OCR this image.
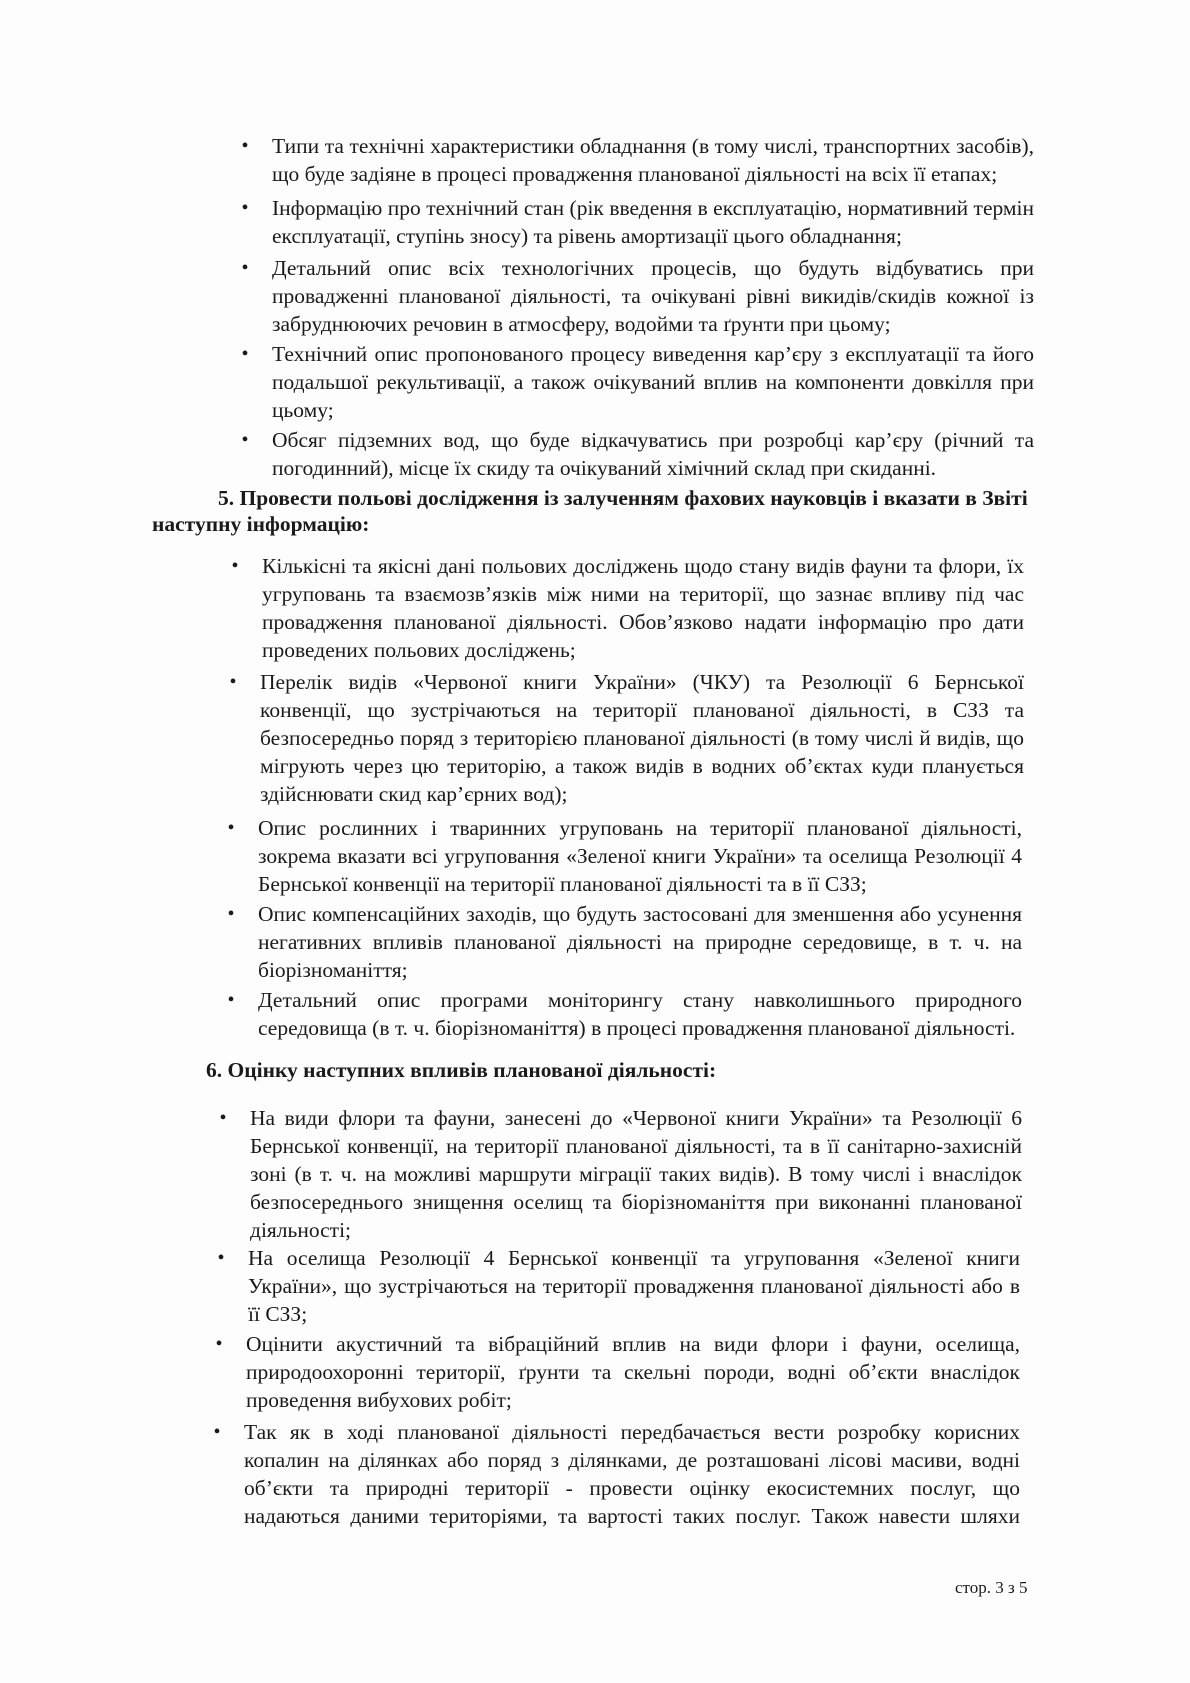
• Типи та технічні характеристики обладнання (в тому числі, транспортних засобів), що буде задіяне в процесі провадження планованої діяльності на всіх її етапах;
• Інформацію про технічний стан (рік введення в експлуатацію, нормативний термін експлуатації, ступінь зносу) та рівень амортизації цього обладнання;
• Детальний опис всіх технологічних процесів, що будуть відбуватись при провадженні планованої діяльності, та очікувані рівні викидів/скидів кожної із забруднюючих речовин в атмосферу, водойми та ґрунти при цьому;
• Технічний опис пропонованого процесу виведення кар’єру з експлуатації та його подальшої рекультивації, а також очікуваний вплив на компоненти довкілля при цьому;
• Обсяг підземних вод, що буде відкачуватись при розробці кар’єру (річний та погодинний), місце їх скиду та очікуваний хімічний склад при скиданні.
5. Провести польові дослідження із залученням фахових науковців і вказати в Звіті
наступну інформацію:
• Кількісні та якісні дані польових досліджень щодо стану видів фауни та флори, їх угруповань та взаємозв’язків між ними на території, що зазнає впливу під час провадження планованої діяльності. Обов’язково надати інформацію про дати проведених польових досліджень;
• Перелік видів «Червоної книги України» (ЧКУ) та Резолюції 6 Бернської конвенції, що зустрічаються на території планованої діяльності, в СЗЗ та безпосередньо поряд з територією планованої діяльності (в тому числі й видів, що мігрують через цю територію, а також видів в водних об’єктах куди планується здійснювати скид кар’єрних вод);
• Опис рослинних і тваринних угруповань на території планованої діяльності, зокрема вказати всі угруповання «Зеленої книги України» та оселища Резолюції 4 Бернської конвенції на території планованої діяльності та в її СЗЗ;
• Опис компенсаційних заходів, що будуть застосовані для зменшення або усунення негативних впливів планованої діяльності на природне середовище, в т. ч. на біорізноманіття;
• Детальний опис програми моніторингу стану навколишнього природного середовища (в т. ч. біорізноманіття) в процесі провадження планованої діяльності.
6. Оцінку наступних впливів планованої діяльності:
• На види флори та фауни, занесені до «Червоної книги України» та Резолюції 6 Бернської конвенції, на території планованої діяльності, та в її санітарно-захисній зоні (в т. ч. на можливі маршрути міграції таких видів). В тому числі і внаслідок безпосереднього знищення оселищ та біорізноманіття при виконанні планованої діяльності;
• На оселища Резолюції 4 Бернської конвенції та угруповання «Зеленої книги України», що зустрічаються на території провадження планованої діяльності або в її СЗЗ;
• Оцінити акустичний та вібраційний вплив на види флори і фауни, оселища, природоохоронні території, ґрунти та скельні породи, водні об’єкти внаслідок проведення вибухових робіт;
• Так як в ході планованої діяльності передбачається вести розробку корисних копалин на ділянках або поряд з ділянками, де розташовані лісові масиви, водні об’єкти та природні території - провести оцінку екосистемних послуг, що надаються даними територіями, та вартості таких послуг. Також навести шляхи
стор. 3 з 5
